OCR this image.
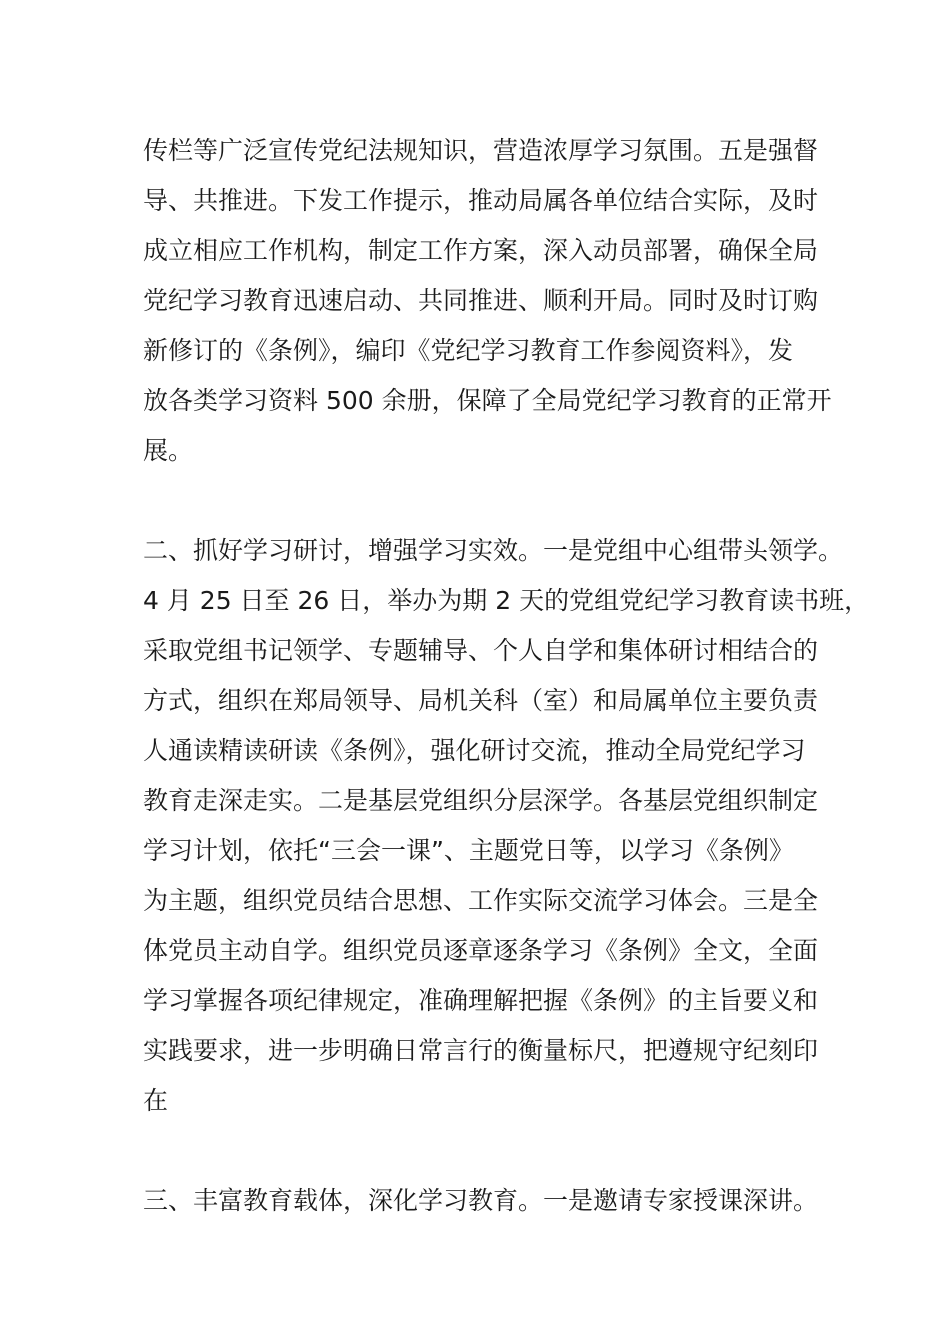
传栏等广泛宣传党纪法规知识，营造浓厚学习氛围。五是强督
导、共推进。下发工作提示，推动局属各单位结合实际，及时
成立相应工作机构，制定工作方案，深入动员部署，确保全局
党纪学习教育迅速启动、共同推进、顺利开局。同时及时订购
新修订的《条例》，编印《党纪学习教育工作参阅资料》，发
放各类学习资料 500 余册，保障了全局党纪学习教育的正常开
展。
二、抓好学习研讨，增强学习实效。一是党组中心组带头领学。
4 月 25 日至 26 日，举办为期 2 天的党组党纪学习教育读书班，
采取党组书记领学、专题辅导、个人自学和集体研讨相结合的
方式，组织在郑局领导、局机关科（室）和局属单位主要负责
人通读精读研读《条例》，强化研讨交流，推动全局党纪学习
教育走深走实。二是基层党组织分层深学。各基层党组织制定
学习计划，依托“三会一课”、主题党日等，以学习《条例》
为主题，组织党员结合思想、工作实际交流学习体会。三是全
体党员主动自学。组织党员逐章逐条学习《条例》全文，全面
学习掌握各项纪律规定，准确理解把握《条例》的主旨要义和
实践要求，进一步明确日常言行的衡量标尺，把遵规守纪刻印
在
三、丰富教育载体，深化学习教育。一是邀请专家授课深讲。
